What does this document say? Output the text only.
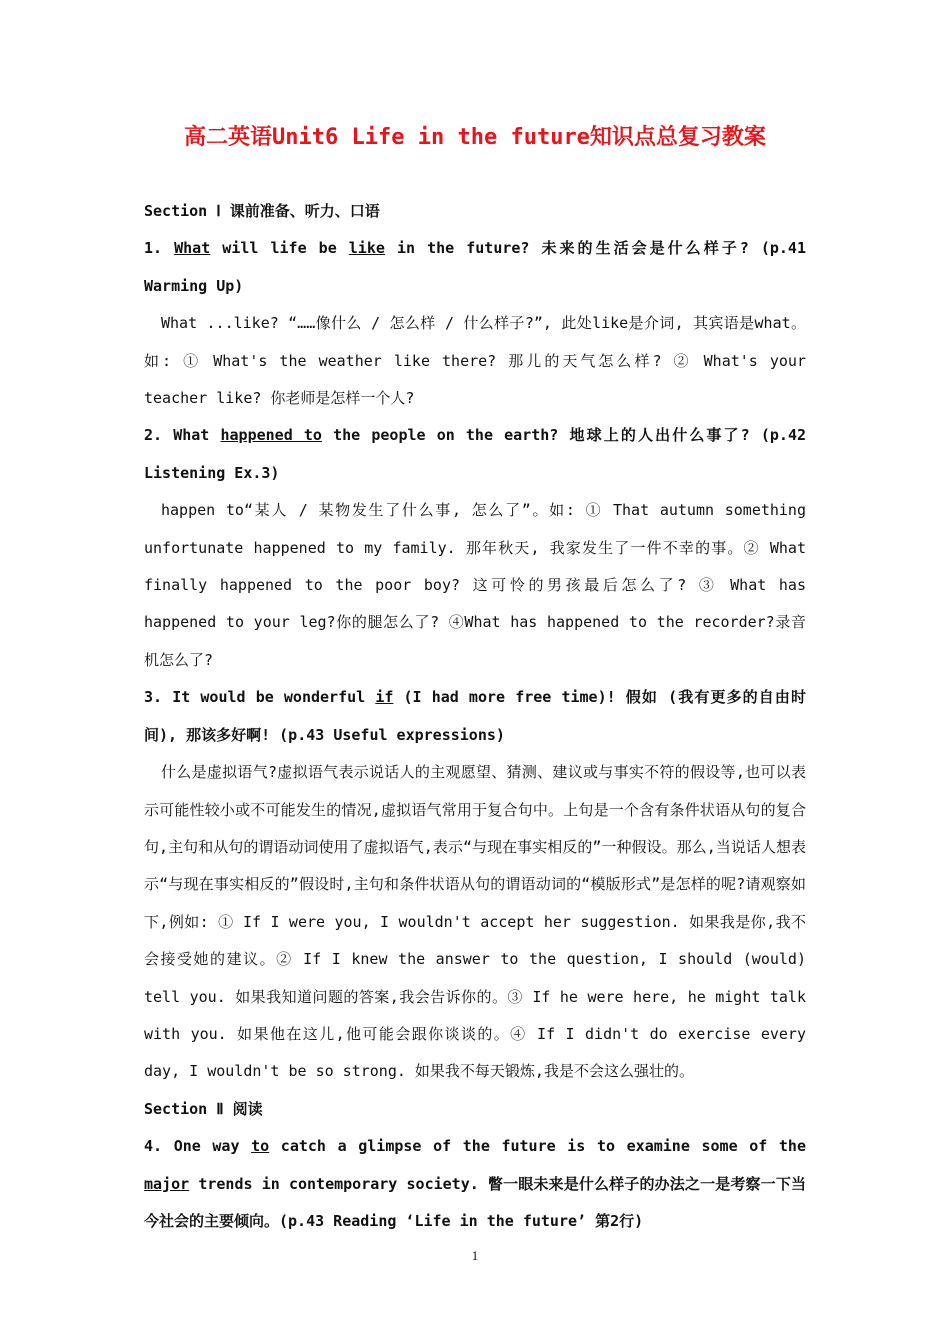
高二英语Unit6 Life in the future知识点总复习教案

Section Ⅰ 课前准备、听力、口语

1. What will life be like in the future? 未来的生活会是什么样子? (p.41 Warming Up)

What ...like? “……像什么 / 怎么样 / 什么样子?”, 此处like是介词, 其宾语是what。如: ① What's the weather like there? 那儿的天气怎么样? ② What's your teacher like? 你老师是怎样一个人?

2. What happened to the people on the earth? 地球上的人出什么事了? (p.42 Listening Ex.3)

happen to“某人 / 某物发生了什么事, 怎么了”。如: ① That autumn something unfortunate happened to my family. 那年秋天, 我家发生了一件不幸的事。② What finally happened to the poor boy? 这可怜的男孩最后怎么了? ③ What has happened to your leg?你的腿怎么了? ④What has happened to the recorder?录音机怎么了?

3. It would be wonderful if (I had more free time)! 假如 (我有更多的自由时间), 那该多好啊! (p.43 Useful expressions)

什么是虚拟语气?虚拟语气表示说话人的主观愿望、猜测、建议或与事实不符的假设等,也可以表示可能性较小或不可能发生的情况,虚拟语气常用于复合句中。上句是一个含有条件状语从句的复合句,主句和从句的谓语动词使用了虚拟语气,表示“与现在事实相反的”一种假设。那么,当说话人想表示“与现在事实相反的”假设时,主句和条件状语从句的谓语动词的“模版形式”是怎样的呢?请观察如下,例如: ① If I were you, I wouldn't accept her suggestion. 如果我是你,我不会接受她的建议。② If I knew the answer to the question, I should (would) tell you. 如果我知道问题的答案,我会告诉你的。③ If he were here, he might talk with you. 如果他在这儿,他可能会跟你谈谈的。④ If I didn't do exercise every day, I wouldn't be so strong. 如果我不每天锻炼,我是不会这么强壮的。

Section Ⅱ 阅读

4. One way to catch a glimpse of the future is to examine some of the major trends in contemporary society. 瞥一眼未来是什么样子的办法之一是考察一下当今社会的主要倾向。(p.43 Reading ‘Life in the future’ 第2行)

1
